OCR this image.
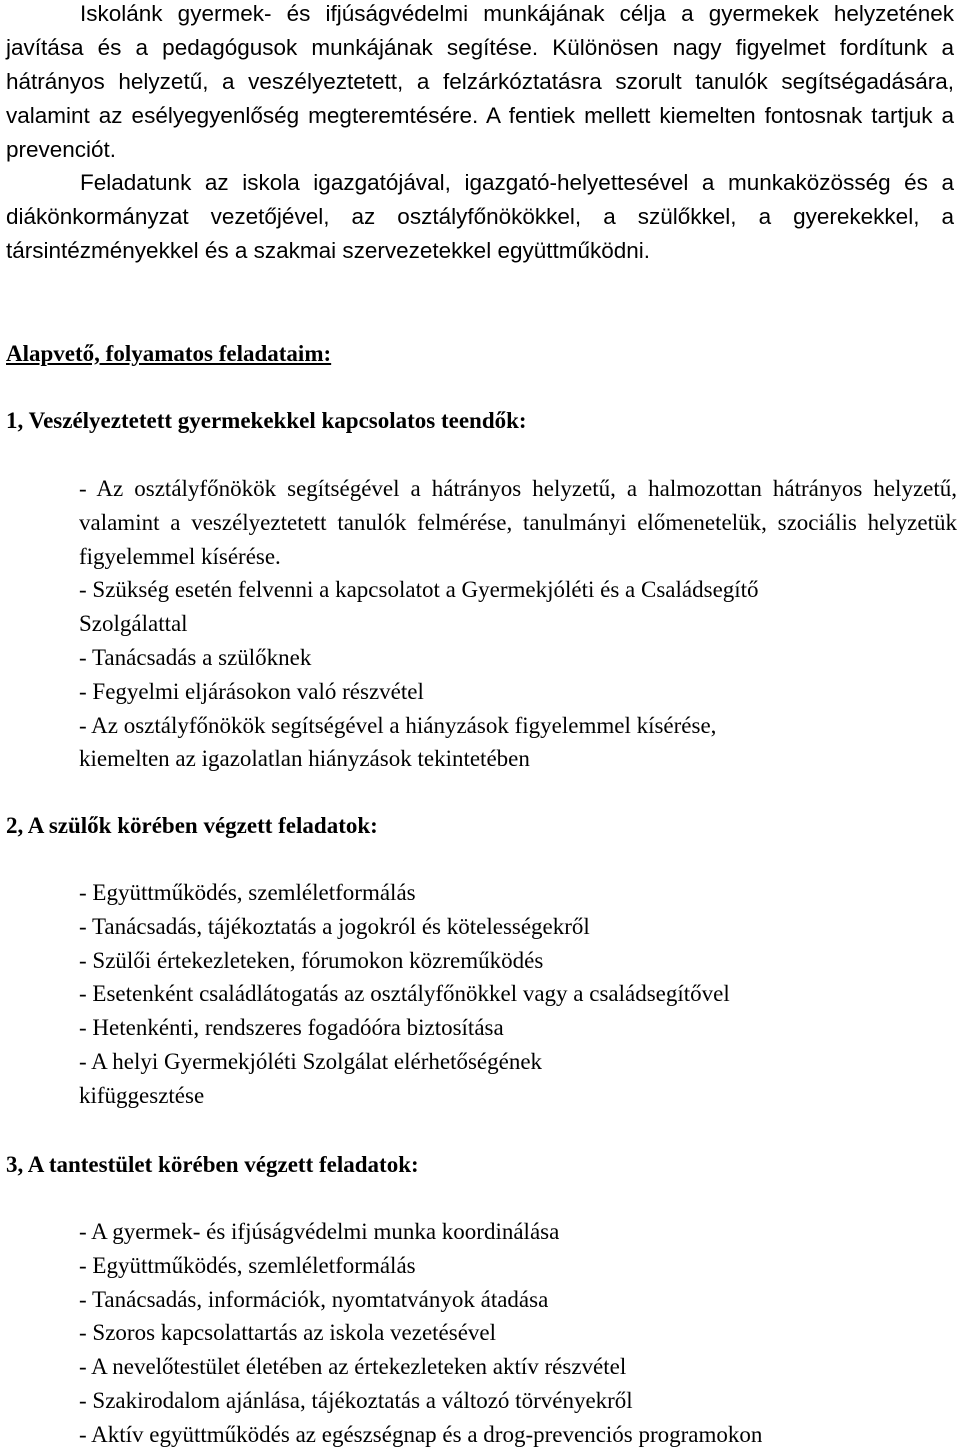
Iskolánk gyermek- és ifjúságvédelmi munkájának célja a gyermekek helyzetének javítása és a pedagógusok munkájának segítése. Különösen nagy figyelmet fordítunk a hátrányos helyzetű, a veszélyeztetett, a felzárkóztatásra szorult tanulók segítségadására, valamint az esélyegyenlőség megteremtésére. A fentiek mellett kiemelten fontosnak tartjuk a prevenciót.

Feladatunk az iskola igazgatójával, igazgató-helyettesével a munkaközösség és a diákönkormányzat vezetőjével, az osztályfőnökökkel, a szülőkkel, a gyerekekkel, a társintézményekkel és a szakmai szervezetekkel együttműködni.

Alapvető, folyamatos feladataim:
1, Veszélyeztetett gyermekekkel kapcsolatos teendők:
- Az osztályfőnökök segítségével a hátrányos helyzetű, a halmozottan hátrányos helyzetű, valamint a veszélyeztetett tanulók felmérése, tanulmányi előmenetelük, szociális helyzetük figyelemmel kísérése.
- Szükség esetén felvenni a kapcsolatot a Gyermekjóléti és a Családsegítő
Szolgálattal
- Tanácsadás a szülőknek
- Fegyelmi eljárásokon való részvétel
- Az osztályfőnökök segítségével a hiányzások figyelemmel kísérése,
kiemelten az igazolatlan hiányzások tekintetében
2, A szülők körében végzett feladatok:
- Együttműködés, szemléletformálás
- Tanácsadás, tájékoztatás a jogokról és kötelességekről
- Szülői értekezleteken, fórumokon közreműködés
- Esetenként családlátogatás az osztályfőnökkel vagy a családsegítővel
- Hetenkénti, rendszeres fogadóóra biztosítása
- A helyi Gyermekjóléti Szolgálat elérhetőségének
kifüggesztése
3, A tantestület körében végzett feladatok:
- A gyermek- és ifjúságvédelmi munka koordinálása
- Együttműködés, szemléletformálás
- Tanácsadás, információk, nyomtatványok átadása
- Szoros kapcsolattartás az iskola vezetésével
- A nevelőtestület életében az értekezleteken aktív részvétel
- Szakirodalom ajánlása, tájékoztatás a változó törvényekről
- Aktív együttműködés az egészségnap és a drog-prevenciós programokon
